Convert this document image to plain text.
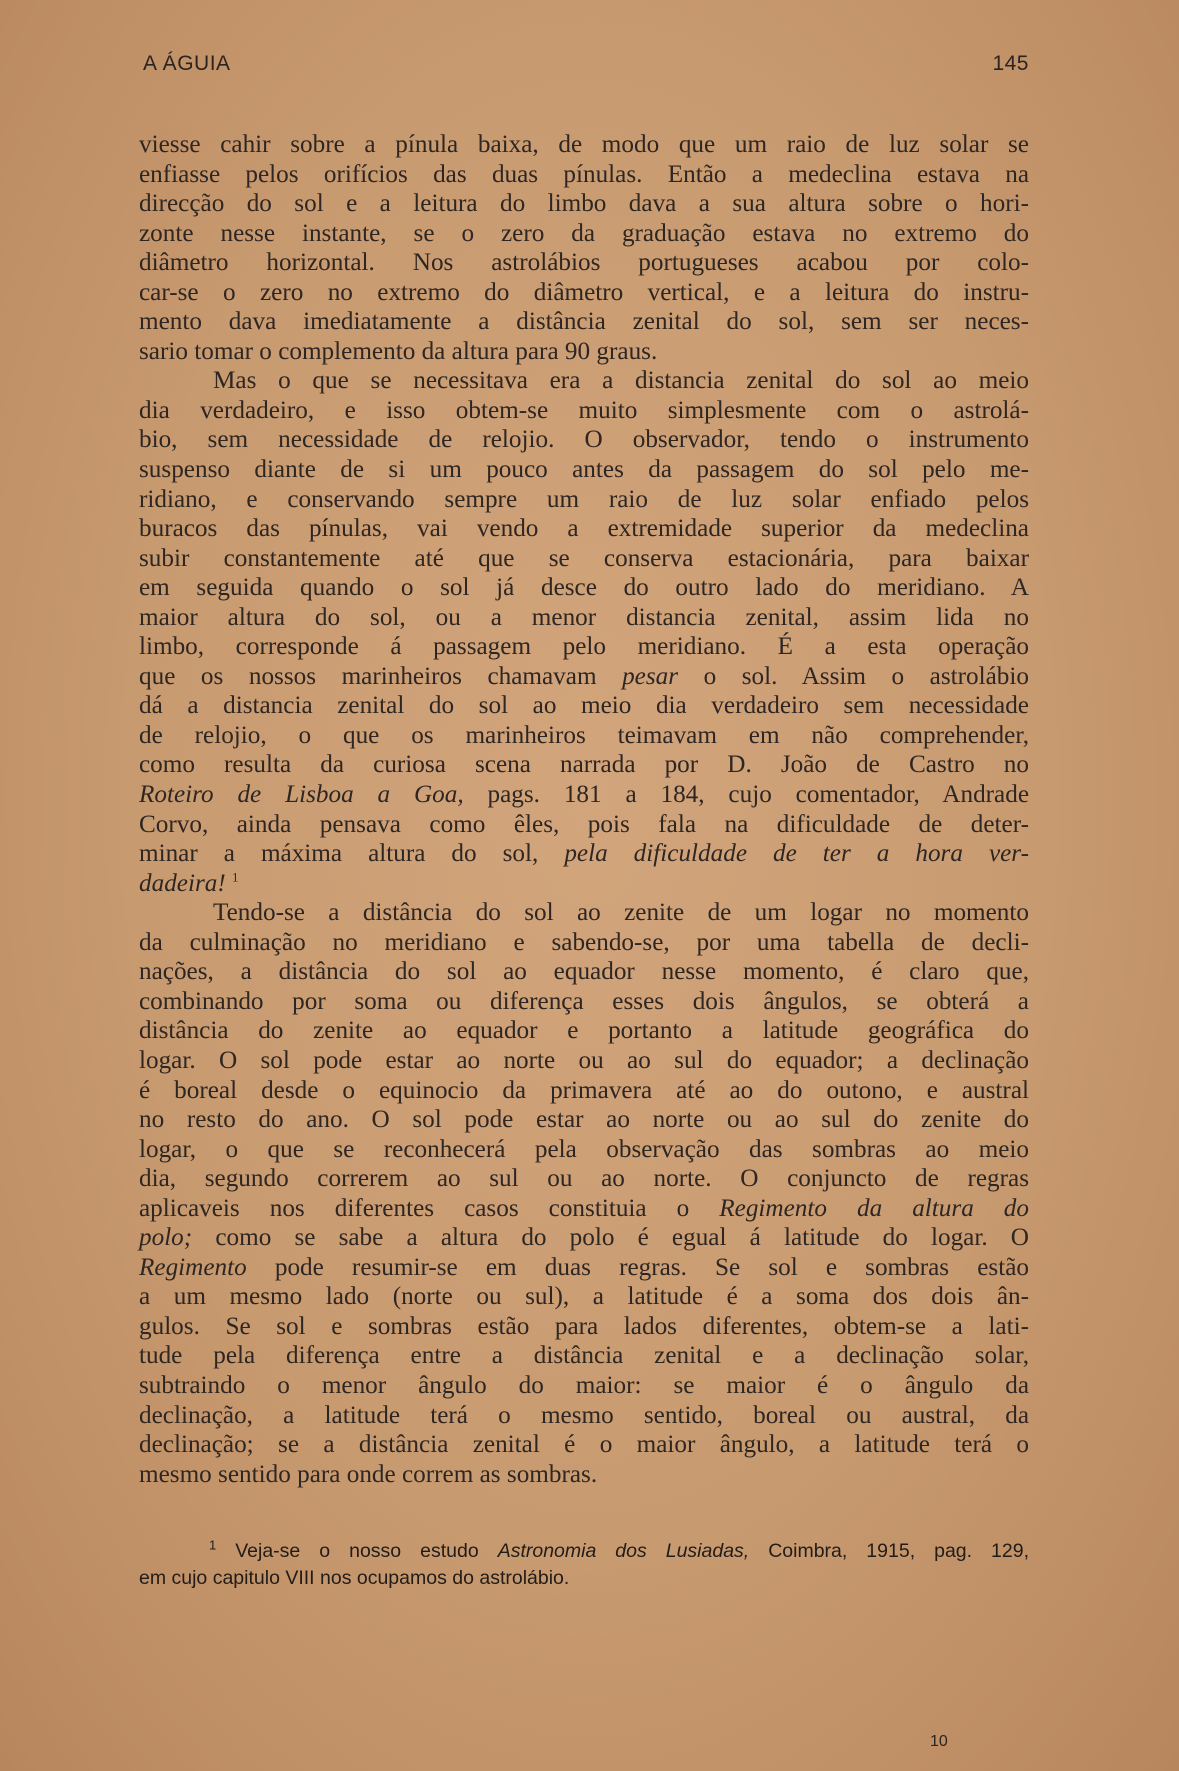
A ÁGUIA	145
viesse cahir sobre a pínula baixa, de modo que um raio de luz solar se
enfiasse pelos orifícios das duas pínulas. Então a medeclina estava na
direcção do sol e a leitura do limbo dava a sua altura sobre o hori-
zonte nesse instante, se o zero da graduação estava no extremo do
diâmetro horizontal. Nos astrolábios portugueses acabou por colo-
car-se o zero no extremo do diâmetro vertical, e a leitura do instru-
mento dava imediatamente a distância zenital do sol, sem ser neces-
sario tomar o complemento da altura para 90 graus.
Mas o que se necessitava era a distancia zenital do sol ao meio
dia verdadeiro, e isso obtem-se muito simplesmente com o astrolá-
bio, sem necessidade de relojio. O observador, tendo o instrumento
suspenso diante de si um pouco antes da passagem do sol pelo me-
ridiano, e conservando sempre um raio de luz solar enfiado pelos
buracos das pínulas, vai vendo a extremidade superior da medeclina
subir constantemente até que se conserva estacionária, para baixar
em seguida quando o sol já desce do outro lado do meridiano. A
maior altura do sol, ou a menor distancia zenital, assim lida no
limbo, corresponde á passagem pelo meridiano. É a esta operação
que os nossos marinheiros chamavam pesar o sol. Assim o astrolábio
dá a distancia zenital do sol ao meio dia verdadeiro sem necessidade
de relojio, o que os marinheiros teimavam em não comprehender,
como resulta da curiosa scena narrada por D. João de Castro no
Roteiro de Lisboa a Goa, pags. 181 a 184, cujo comentador, Andrade
Corvo, ainda pensava como êles, pois fala na dificuldade de deter-
minar a máxima altura do sol, pela dificuldade de ter a hora ver-
dadeira! $^1$
Tendo-se a distância do sol ao zenite de um logar no momento
da culminação no meridiano e sabendo-se, por uma tabella de decli-
nações, a distância do sol ao equador nesse momento, é claro que,
combinando por soma ou diferença esses dois ângulos, se obterá a
distância do zenite ao equador e portanto a latitude geográfica do
logar. O sol pode estar ao norte ou ao sul do equador; a declinação
é boreal desde o equinocio da primavera até ao do outono, e austral
no resto do ano. O sol pode estar ao norte ou ao sul do zenite do
logar, o que se reconhecerá pela observação das sombras ao meio
dia, segundo correrem ao sul ou ao norte. O conjuncto de regras
aplicaveis nos diferentes casos constituia o Regimento da altura do
polo; como se sabe a altura do polo é egual á latitude do logar. O
Regimento pode resumir-se em duas regras. Se sol e sombras estão
a um mesmo lado (norte ou sul), a latitude é a soma dos dois ân-
gulos. Se sol e sombras estão para lados diferentes, obtem-se a lati-
tude pela diferença entre a distância zenital e a declinação solar,
subtraindo o menor ângulo do maior: se maior é o ângulo da
declinação, a latitude terá o mesmo sentido, boreal ou austral, da
declinação; se a distância zenital é o maior ângulo, a latitude terá o
mesmo sentido para onde correm as sombras.
$^1$ Veja-se o nosso estudo Astronomia dos Lusiadas, Coimbra, 1915, pag. 129,
em cujo capitulo VIII nos ocupamos do astrolábio.
10
